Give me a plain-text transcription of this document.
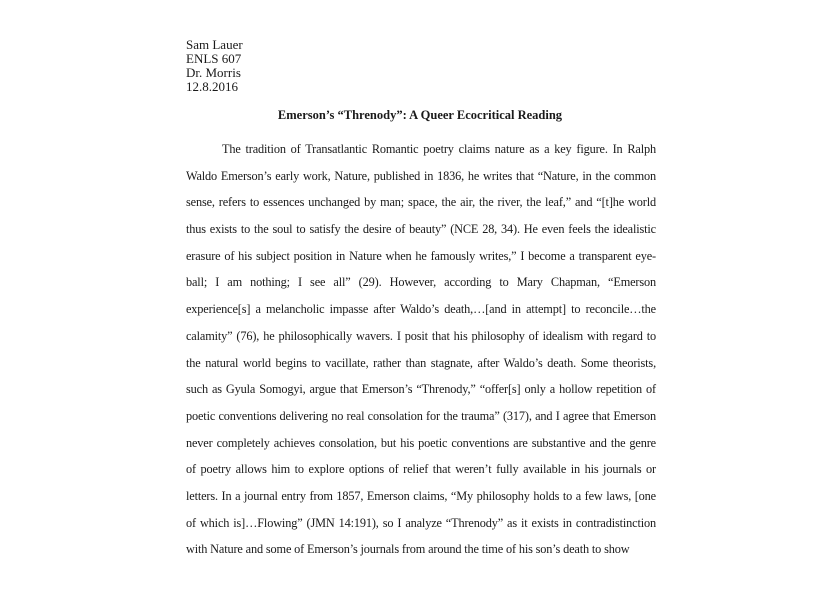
Sam Lauer
ENLS 607
Dr. Morris
12.8.2016
Emerson’s “Threnody”: A Queer Ecocritical Reading
The tradition of Transatlantic Romantic poetry claims nature as a key figure. In Ralph
Waldo Emerson’s early work, Nature, published in 1836, he writes that “Nature, in the common
sense, refers to essences unchanged by man; space, the air, the river, the leaf,” and “[t]he world
thus exists to the soul to satisfy the desire of beauty” (NCE 28, 34). He even feels the idealistic
erasure of his subject position in Nature when he famously writes,” I become a transparent eye-
ball; I am nothing; I see all” (29). However, according to Mary Chapman, “Emerson
experience[s] a melancholic impasse after Waldo’s death,…[and in attempt] to reconcile…the
calamity” (76), he philosophically wavers. I posit that his philosophy of idealism with regard to
the natural world begins to vacillate, rather than stagnate, after Waldo’s death. Some theorists,
such as Gyula Somogyi, argue that Emerson’s “Threnody,” “offer[s] only a hollow repetition of
poetic conventions delivering no real consolation for the trauma” (317), and I agree that Emerson
never completely achieves consolation, but his poetic conventions are substantive and the genre
of poetry allows him to explore options of relief that weren’t fully available in his journals or
letters. In a journal entry from 1857, Emerson claims, “My philosophy holds to a few laws, [one
of which is]…Flowing” (JMN 14:191), so I analyze “Threnody” as it exists in contradistinction
with Nature and some of Emerson’s journals from around the time of his son’s death to show
